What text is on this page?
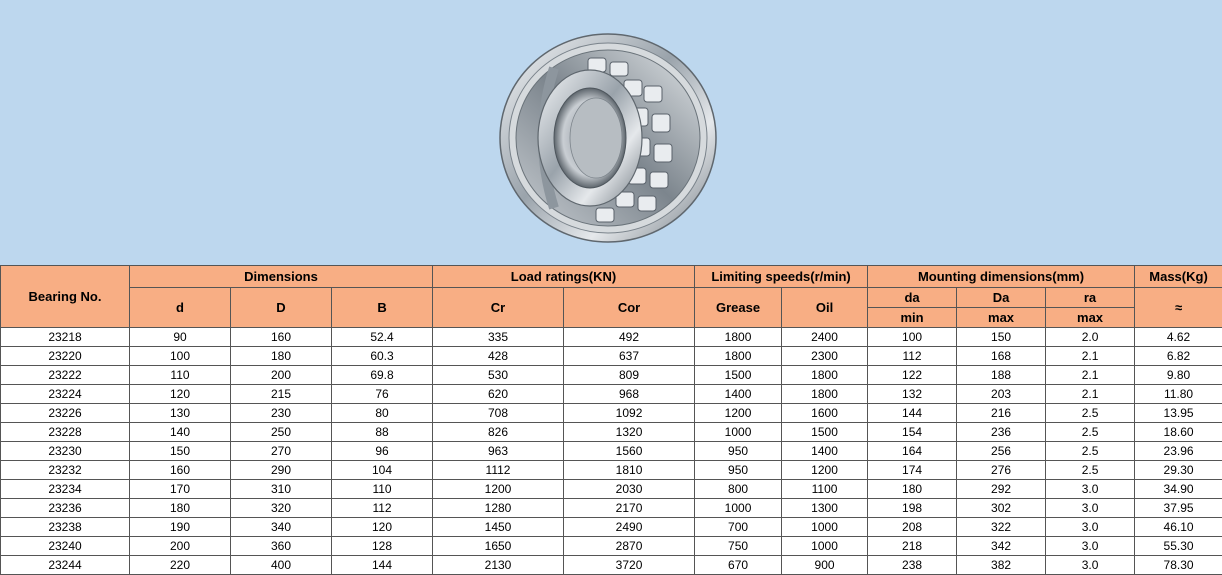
Bearing No.	Dimensions			Load ratings(KN)		Limiting speeds(r/min)		Mounting dimensions(mm)			Mass(Kg)
	d	D	B	Cr	Cor	Grease	Oil	da	Da	ra	≈
								min	max	max	
23218	90	160	52.4	335	492	1800	2400	100	150	2.0	4.62
23220	100	180	60.3	428	637	1800	2300	112	168	2.1	6.82
23222	110	200	69.8	530	809	1500	1800	122	188	2.1	9.80
23224	120	215	76	620	968	1400	1800	132	203	2.1	11.80
23226	130	230	80	708	1092	1200	1600	144	216	2.5	13.95
23228	140	250	88	826	1320	1000	1500	154	236	2.5	18.60
23230	150	270	96	963	1560	950	1400	164	256	2.5	23.96
23232	160	290	104	1112	1810	950	1200	174	276	2.5	29.30
23234	170	310	110	1200	2030	800	1100	180	292	3.0	34.90
23236	180	320	112	1280	2170	1000	1300	198	302	3.0	37.95
23238	190	340	120	1450	2490	700	1000	208	322	3.0	46.10
23240	200	360	128	1650	2870	750	1000	218	342	3.0	55.30
23244	220	400	144	2130	3720	670	900	238	382	3.0	78.30
